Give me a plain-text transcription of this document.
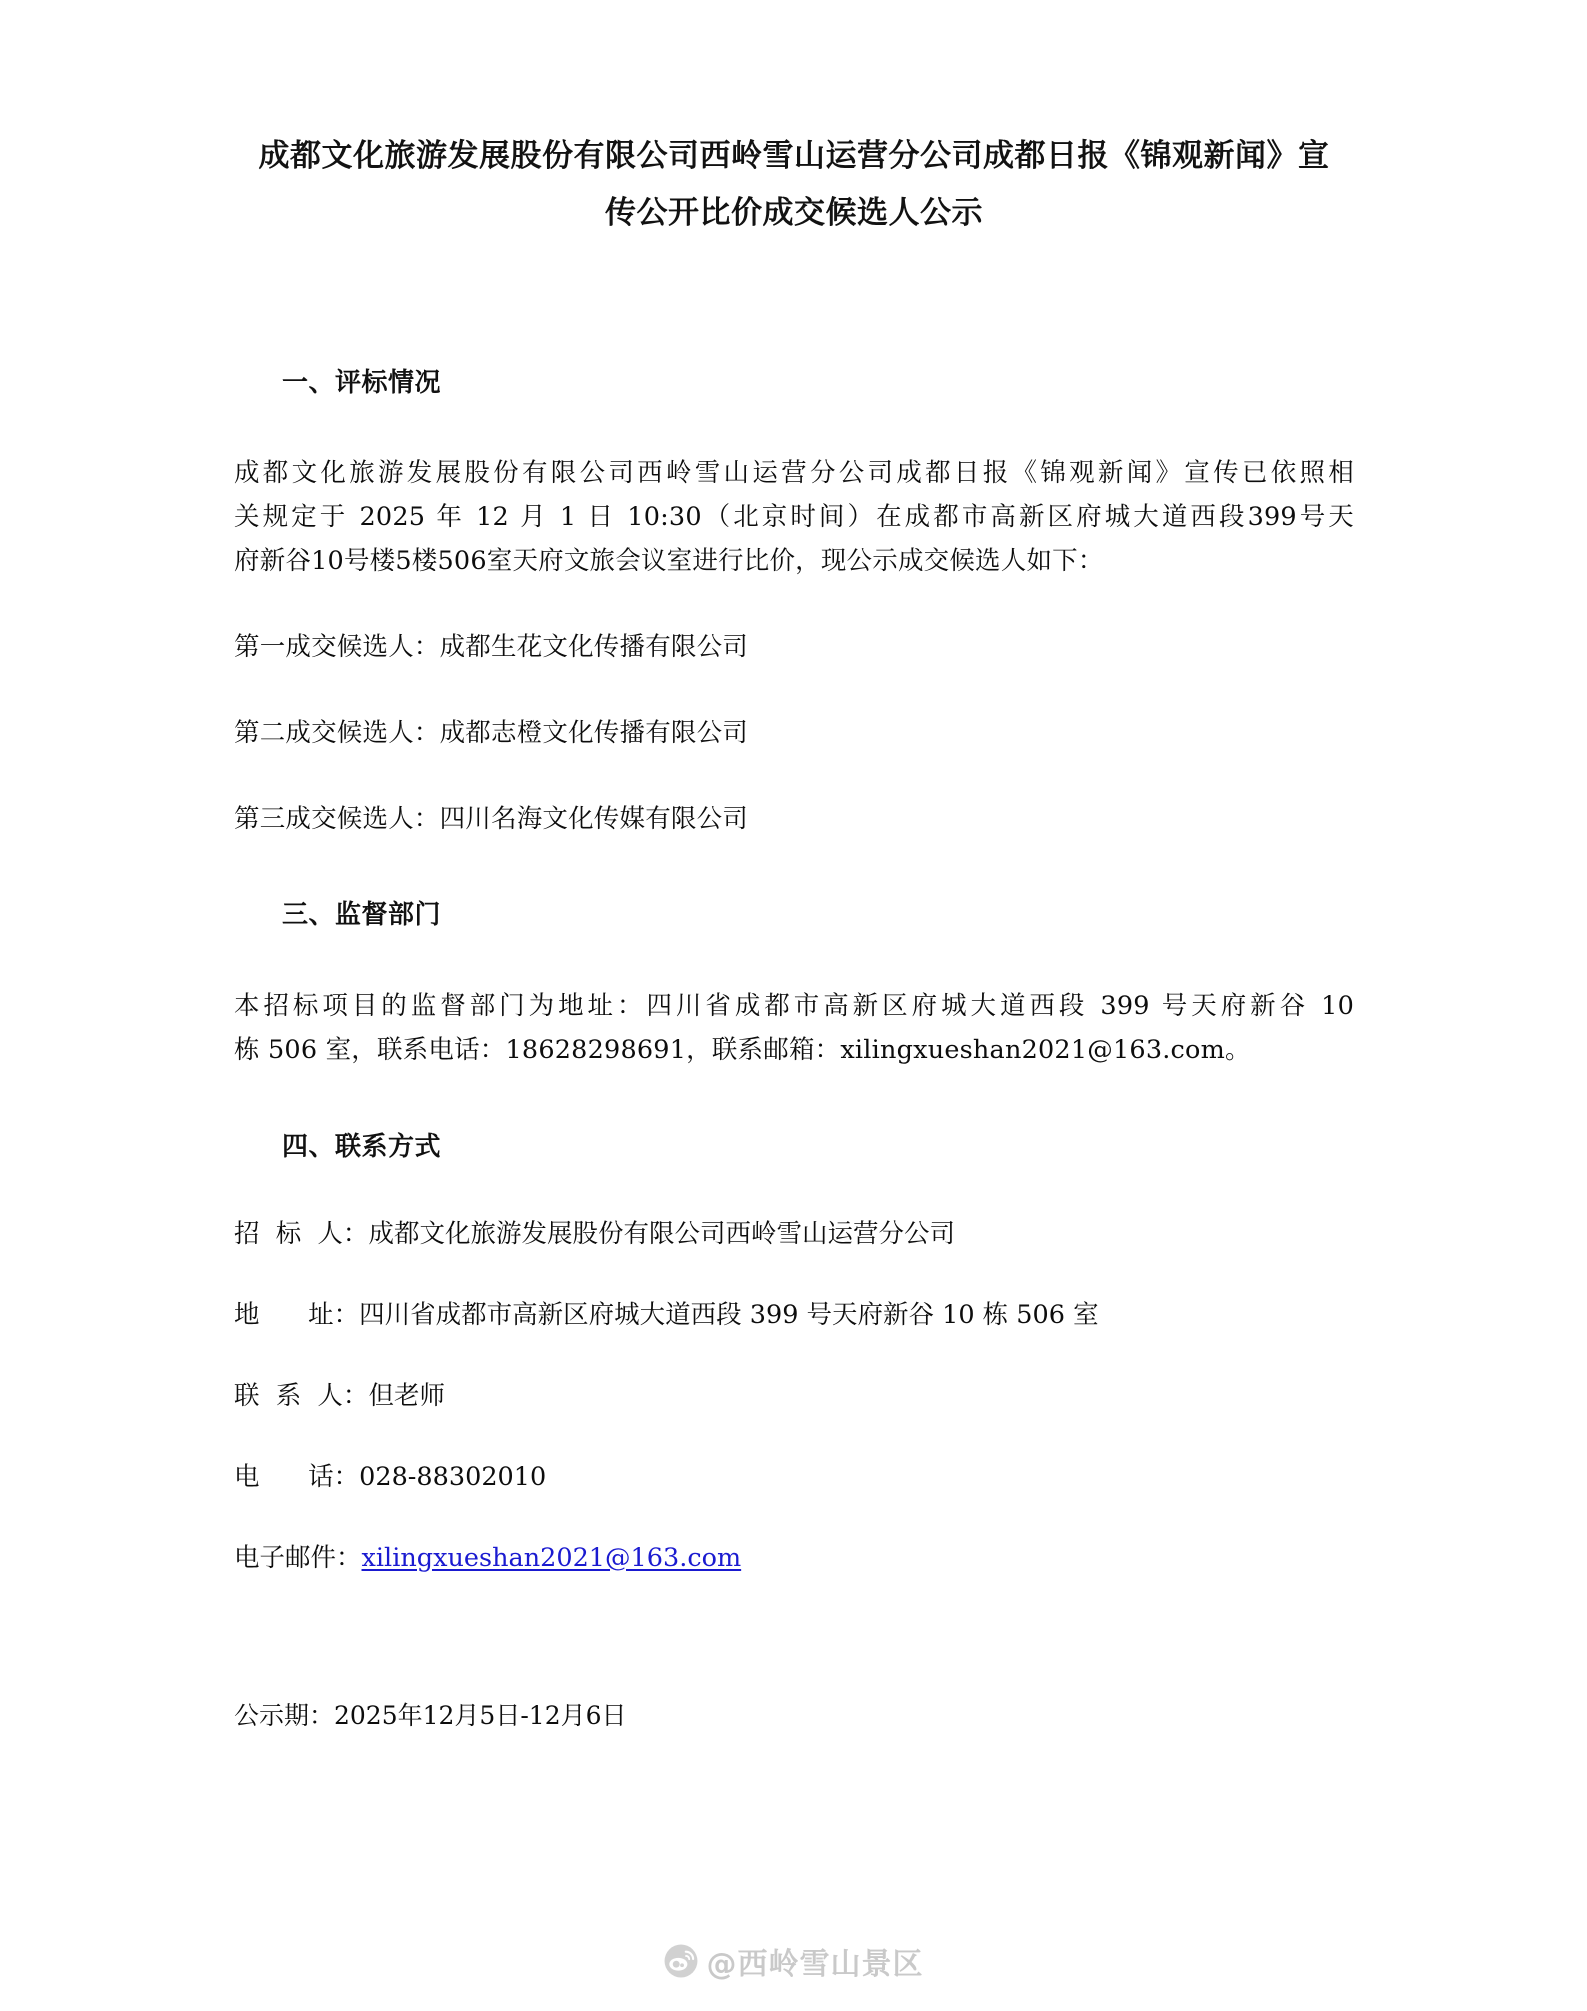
成都文化旅游发展股份有限公司西岭雪山运营分公司成都日报《锦观新闻》宣
传公开比价成交候选人公示
一、评标情况
成都文化旅游发展股份有限公司西岭雪山运营分公司成都日报《锦观新闻》宣传已依照相
关规定于 2025 年 12 月 1 日 10:30（北京时间）在成都市高新区府城大道西段399号天
府新谷10号楼5楼506室天府文旅会议室进行比价，现公示成交候选人如下：
第一成交候选人：成都生花文化传播有限公司
第二成交候选人：成都志橙文化传播有限公司
第三成交候选人：四川名海文化传媒有限公司
三、监督部门
本招标项目的监督部门为地址：四川省成都市高新区府城大道西段 399 号天府新谷 10
栋 506 室，联系电话：18628298691，联系邮箱：xilingxueshan2021@163.com。
四、联系方式
招  标  人：成都文化旅游发展股份有限公司西岭雪山运营分公司
地      址：四川省成都市高新区府城大道西段 399 号天府新谷 10 栋 506 室
联  系  人：但老师
电      话：028-88302010
电子邮件：xilingxueshan2021@163.com
公示期：2025年12月5日-12月6日
@西岭雪山景区
